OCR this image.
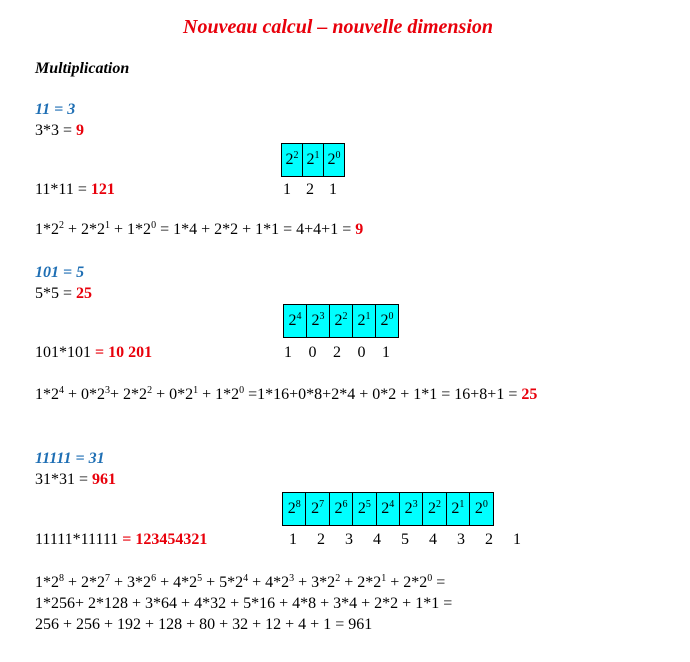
Nouveau calcul – nouvelle dimension
Multiplication
11 = 3
3*3 = 9
$2^2$	$2^1$	$2^0$
11*11 = 121	1 2 1
$1*2^2 + 2*2^1 + 1*2^0 = 1*4 + 2*2 + 1*1 = 4+4+1 = 9$
101 = 5
5*5 = 25
$2^4$	$2^3$	$2^2$	$2^1$	$2^0$
101*101 = 10 201	1	0	2	0	1
$1*2^4 + 0*2^3+ 2*2^2 + 0*2^1 + 1*2^0 =1*16+0*8+2*4 + 0*2 + 1*1 = 16+8+1 = 25$
11111 = 31
31*31 = 961
$2^8$	$2^7$	$2^6$	$2^5$	$2^4$	$2^3$	$2^2$	$2^1$	$2^0$
11111*11111 = 123454321	1	2	3	4	5	4	3	2	1
$1*2^8 + 2*2^7 + 3*2^6 + 4*2^5 + 5*2^4 + 4*2^3 + 3*2^2 + 2*2^1 + 2*2^0$ =
1*256+ 2*128 + 3*64 + 4*32 + 5*16 + 4*8 + 3*4 + 2*2 + 1*1 =
256 + 256 + 192 + 128 + 80 + 32 + 12 + 4 + 1 = 961
